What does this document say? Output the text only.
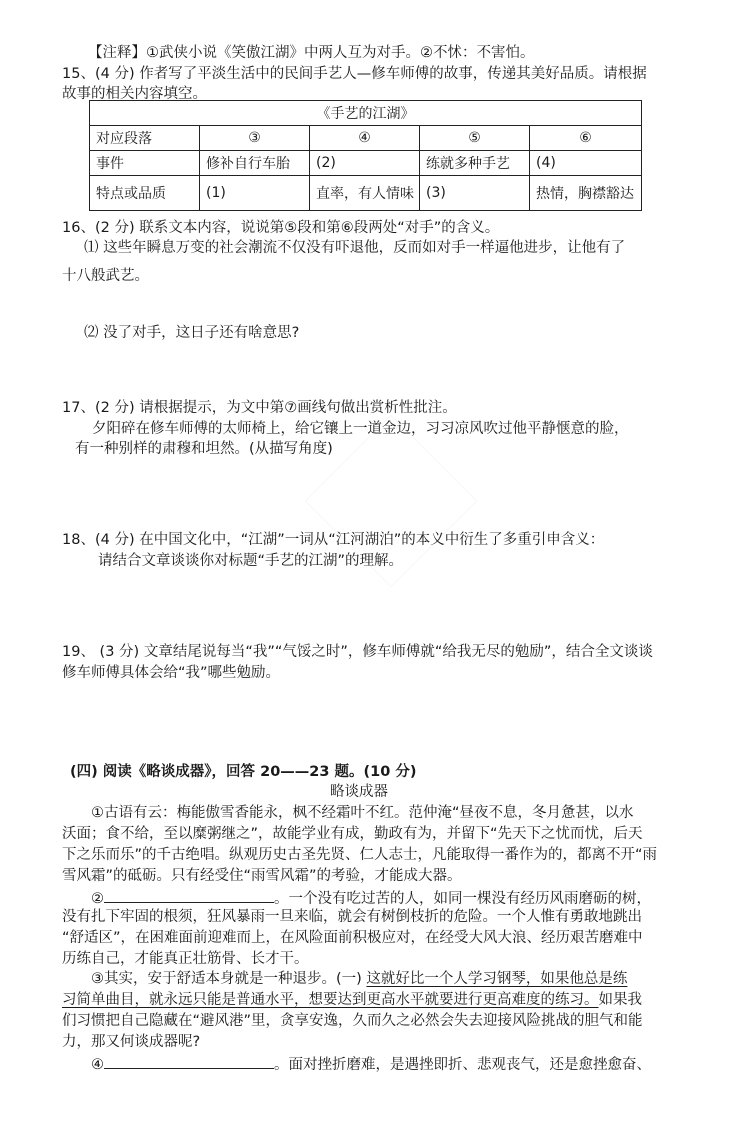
【注释】①武侠小说《笑傲江湖》中两人互为对手。②不怵：不害怕。
15、(4 分) 作者写了平淡生活中的民间手艺人—修车师傅的故事，传递其美好品质。请根据
故事的相关内容填空。
《手艺的江湖》				
对应段落	③	④	⑤	⑥
事件	修补自行车胎	(2)	练就多种手艺	(4)
特点或品质	(1)	直率，有人情味	(3)	热情，胸襟豁达
16、(2 分) 联系文本内容，说说第⑤段和第⑥段两处“对手”的含义。
⑴ 这些年瞬息万变的社会潮流不仅没有吓退他，反而如对手一样逼他进步，让他有了
十八般武艺。
⑵ 没了对手，这日子还有啥意思?
17、(2 分) 请根据提示，为文中第⑦画线句做出赏析性批注。
夕阳碎在修车师傅的太师椅上，给它镶上一道金边，习习凉风吹过他平静惬意的脸，
有一种别样的肃穆和坦然。(从描写角度)
18、(4 分) 在中国文化中，“江湖”一词从“江河湖泊”的本义中衍生了多重引申含义：
请结合文章谈谈你对标题“手艺的江湖”的理解。
19、 (3 分) 文章结尾说每当“我”“气馁之时”，修车师傅就“给我无尽的勉励”，结合全文谈谈
修车师傅具体会给“我”哪些勉励。
(四) 阅读《略谈成器》，回答 20——23 题。(10 分)
略谈成器
①古语有云：梅能傲雪香能永，枫不经霜叶不红。范仲淹“昼夜不息，冬月惫甚，以水
沃面；食不给，至以糜粥继之”，故能学业有成，勤政有为，并留下“先天下之忧而忧，后天
下之乐而乐”的千古绝唱。纵观历史古圣先贤、仁人志士，凡能取得一番作为的，都离不开“雨
雪风霜”的砥砺。只有经受住“雨雪风霜”的考验，才能成大器。
②	。一个没有吃过苦的人，如同一棵没有经历风雨磨砺的树，
没有扎下牢固的根须，狂风暴雨一旦来临，就会有树倒枝折的危险。一个人惟有勇敢地跳出
“舒适区”，在困难面前迎难而上，在风险面前积极应对，在经受大风大浪、经历艰苦磨难中
历练自己，才能真正壮筋骨、长才干。
③其实，安于舒适本身就是一种退步。(一) 这就好比一个人学习钢琴，如果他总是练
习简单曲目，就永远只能是普通水平，想要达到更高水平就要进行更高难度的练习。如果我
们习惯把自己隐藏在“避风港”里，贪享安逸，久而久之必然会失去迎接风险挑战的胆气和能
力，那又何谈成器呢?
④	。面对挫折磨难，是遇挫即折、悲观丧气，还是愈挫愈奋、
